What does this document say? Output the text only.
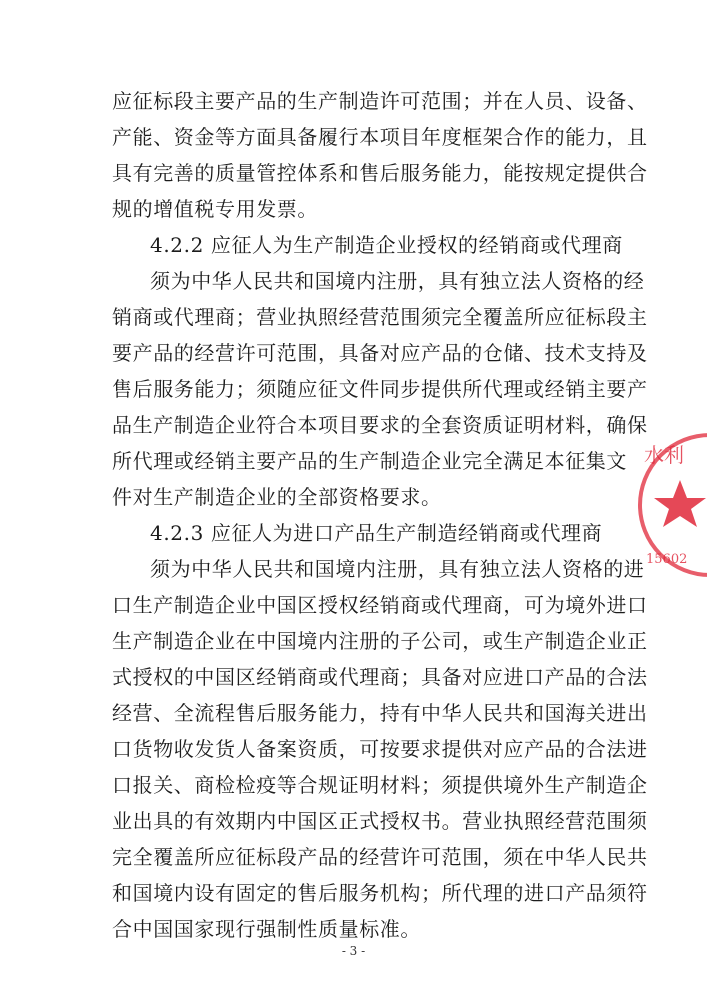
应征标段主要产品的生产制造许可范围；并在人员、设备、
产能、资金等方面具备履行本项目年度框架合作的能力，且
具有完善的质量管控体系和售后服务能力，能按规定提供合
规的增值税专用发票。
4.2.2 应征人为生产制造企业授权的经销商或代理商
须为中华人民共和国境内注册，具有独立法人资格的经
销商或代理商；营业执照经营范围须完全覆盖所应征标段主
要产品的经营许可范围，具备对应产品的仓储、技术支持及
售后服务能力；须随应征文件同步提供所代理或经销主要产
品生产制造企业符合本项目要求的全套资质证明材料，确保
所代理或经销主要产品的生产制造企业完全满足本征集文
件对生产制造企业的全部资格要求。
4.2.3 应征人为进口产品生产制造经销商或代理商
须为中华人民共和国境内注册，具有独立法人资格的进
口生产制造企业中国区授权经销商或代理商，可为境外进口
生产制造企业在中国境内注册的子公司，或生产制造企业正
式授权的中国区经销商或代理商；具备对应进口产品的合法
经营、全流程售后服务能力，持有中华人民共和国海关进出
口货物收发货人备案资质，可按要求提供对应产品的合法进
口报关、商检检疫等合规证明材料；须提供境外生产制造企
业出具的有效期内中国区正式授权书。营业执照经营范围须
完全覆盖所应征标段产品的经营许可范围，须在中华人民共
和国境内设有固定的售后服务机构；所代理的进口产品须符
合中国国家现行强制性质量标准。
- 3 -
水利
15602
